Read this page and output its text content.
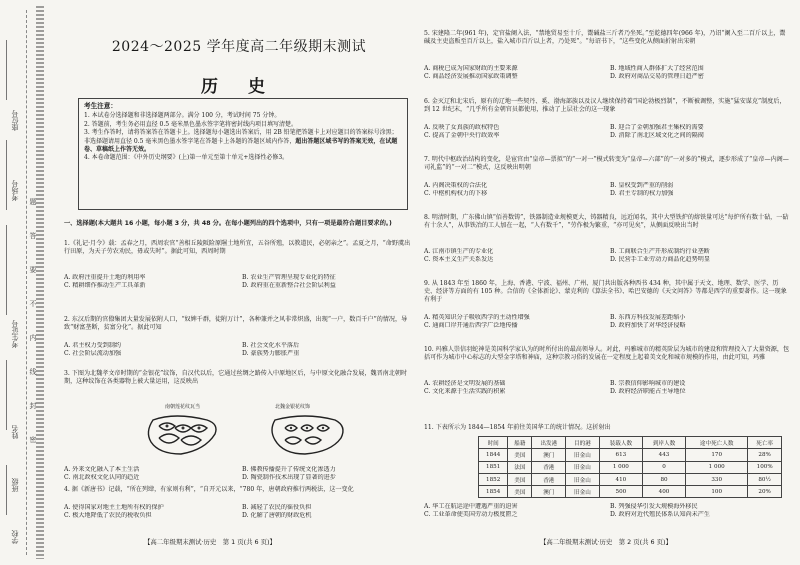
座位号
考场号
考生证号
姓名
班级
学校
题
答
要
不
内
线
封
密
2024～2025 学年度高二年级期末测试
历 史
考生注意：
1. 本试卷分选择题和非选择题两部分。满分 100 分，考试时间 75 分钟。
2. 答题前，考生务必用直径 0.5 毫米黑色墨水签字笔将密封线内项目填写清楚。
3. 考生作答时，请将答案答在答题卡上。选择题每小题选出答案后，用 2B 铅笔把答题卡上对应题目的答案标号涂黑；非选择题请用直径 0.5 毫米黑色墨水签字笔在答题卡上各题的答题区域内作答，超出答题区域书写的答案无效，在试题卷、草稿纸上作答无效。
4. 本卷命题范围：《中外历史纲要》(上)第一单元至第十单元+选择性必修3。
一、选择题(本大题共 16 小题，每小题 3 分，共 48 分。在每小题列出的四个选项中，只有一项是最符合题目要求的。)
1.《礼记·月令》载：孟春之月，西周农官“善相丘陵阪险原隰土地所宜，五谷所殖，以教道民，必躬亲之”。孟夏之月，“命野虞出行田原，为天子劳农劝民，毋或失时”。据此可知，西周时期
A. 政府注重提升土地的利用率	B. 农业生产管理呈现专业化的特征
C. 精耕细作推动生产工具革新	D. 政府重在重新整合社会阶层利益
2. 东汉后期的官僚集团大量发展依附人口，“奴婢千群，徒附万计”，各种兼并之风非常炽盛，出现“一户，数百千户”的情况，导致“财富垄断，贫富分化”。据此可知
A. 君主权力受到制约	B. 社会文化水平落后
C. 社会阶层流动加强	D. 豪族势力膨胀严重
3. 下图为北魏孝文帝时期的“金银花”纹饰，自汉代以后，它通过丝绸之路传入中原地区后，与中原文化融合发展，魏晋南北朝时期，这种纹饰在各类器物上被大量运用，这反映出
南朝莲花纹瓦当	北魏金银花纹饰
A. 外来文化融入了本土生活	B. 佛教传播提升了传统文化渗透力
C. 南北政权文化认同的趋近	D. 陶瓷制作技术出现了显著的进步
4. 据《新唐书》记载，“所在列肆，有家则有利”，“自开元以来，“780 年，唐朝政府推行两税法，这一变化
A. 使得国家对地主土地所有权的保护	B. 减轻了农民的徭役负担
C. 极大地降低了农民的税收负担	D. 化解了唐朝的财政危机
5. 宋建隆二年(961 年)，定官盐阑入法，“禁地贸易至十斤，鬻碱盐三斤者乃坐死。”至乾德四年(966 年)，乃诏“阑入至二百斤以上，鬻碱及主吏盗贩至百斤以上，盐入城市百斤以上者，乃处死”。“每诏书下，“这些变化从侧面折射出宋朝
A. 商税已成为国家财政的主要来源	B. 地域性商人群体扩大了经营范围
C. 商品经济发展推动国家政策调整	D. 政府对商品交易的管理日趋严密
6. 金灭辽和北宋后，原有的辽地一些契丹、奚、渤海部族以及汉人继续保持着“国论勃极烈制”，不断被调整，实施“猛安谋克”制度后，到 12 世纪末，“几乎所有金朝官员都使用，推动了上层社会的这一现象
A. 反映了女真族的政权特色	B. 迎合了金朝加强君主集权的需要
C. 提高了金朝中央行政效率	D. 消除了南北区域文化之间的隔阂
7. 明代中枢政治结构的变化，是宦官由“皇帝—票拟”的“一对一”模式转变为“皇帝—六部”的“一对多的”模式，逐步形成了“皇帝—内阁—司礼监”的“一对二”模式，这反映出明朝
A. 内阁决策权的合法化	B. 皇权受到严重的削弱
C. 中枢机构权力的下移	D. 君主专制的权力加强
8. 明清时期，广东佛山镇“佰善数铸”，铁器制造业规模更大，铸器精良，远近闻名，其中大型铁炉的熔铁量可达“每炉所有数十砧，一砧有十余人”，从事铁冶的工人加在一起，“人有数千”，“劳作极为繁重，“亦可见矣”，从侧面反映出当时
A. 江南市镇生产的专业化	B. 工商联合生产开形成制约行业垄断
C. 资本主义生产关系发达	D. 民营手工业劳动力商品化趋势明显
9. 从 1843 年至 1860 年，上海、香港、宁波、福州、广州、厦门共出版各种西书 434 种，其中属于天文、地理、数学、医学、历史、经济等方面的有 105 种。合信的《全体新论》、蒙克利的《算法全书》、哈巴安德的《天文问答》等都是西学的重要著作。这一现象有利于
A. 精英知识分子吸收西学的主动性增强	B. 东西方科技发展差距缩小
C. 通商口岸开通后西学广泛地传播	D. 政府加快了对华经济侵略
10. 玛雅人崇信羽蛇神是美国科学家认为的时所付出的最高领导人。对此，玛雅城市的精英阶层为城市的建设和管理投入了大量资源，包括可作为城市中心标志的大型金字塔和神庙，这种宗教习俗的发展在一定程度上起着美文化和城市规模的作用，由此可知，玛雅
A. 农耕经济是文明发展的基础	B. 宗教信仰影响城市的建设
C. 文化来源于生活实践的积累	D. 政府经济职能占主导地位
11. 下表所示为 1844—1854 年前往美国华工的统计情况。这折射出
时间	船籍	出发港	目的港	装载人数	到岸人数	途中死亡人数	死亡率
1844	美国	澳门	旧金山	613	443	170	28%
1851	法国	香港	旧金山	1 000	0	1 000	100%
1852	美国	香港	旧金山	410	80	330	80½
1854	美国	澳门	旧金山	500	400	100	20%
A. 华工在航运途中遭遇严重的迫害	B. 列强侵华引发大规模海外移民
C. 工业革命使美国劳动力极度匮乏	D. 政府对近代殖民体系认知尚未产生
【高二年级期末测试·历史　第 1 页(共 6 页)】	【高二年级期末测试·历史　第 2 页(共 6 页)】
